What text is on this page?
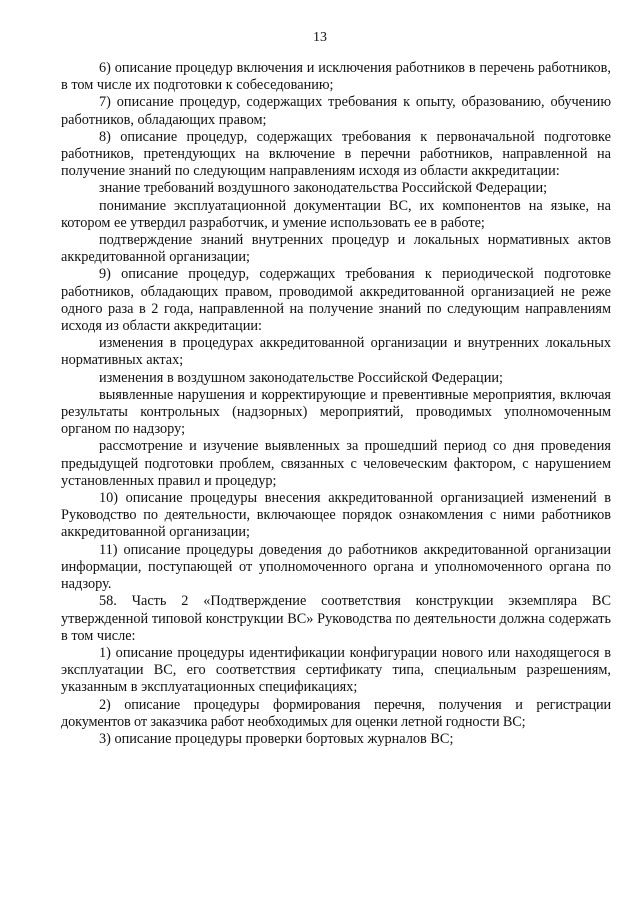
13

6) описание процедур включения и исключения работников в перечень работников, в том числе их подготовки к собеседованию;

7) описание процедур, содержащих требования к опыту, образованию, обучению работников, обладающих правом;

8) описание процедур, содержащих требования к первоначальной подготовке работников, претендующих на включение в перечни работников, направленной на получение знаний по следующим направлениям исходя из области аккредитации:

знание требований воздушного законодательства Российской Федерации;

понимание эксплуатационной документации ВС, их компонентов на языке, на котором ее утвердил разработчик, и умение использовать ее в работе;

подтверждение знаний внутренних процедур и локальных нормативных актов аккредитованной организации;

9) описание процедур, содержащих требования к периодической подготовке работников, обладающих правом, проводимой аккредитованной организацией не реже одного раза в 2 года, направленной на получение знаний по следующим направлениям исходя из области аккредитации:

изменения в процедурах аккредитованной организации и внутренних локальных нормативных актах;

изменения в воздушном законодательстве Российской Федерации;

выявленные нарушения и корректирующие и превентивные мероприятия, включая результаты контрольных (надзорных) мероприятий, проводимых уполномоченным органом по надзору;

рассмотрение и изучение выявленных за прошедший период со дня проведения предыдущей подготовки проблем, связанных с человеческим фактором, с нарушением установленных правил и процедур;

10) описание процедуры внесения аккредитованной организацией изменений в Руководство по деятельности, включающее порядок ознакомления с ними работников аккредитованной организации;

11) описание процедуры доведения до работников аккредитованной организации информации, поступающей от уполномоченного органа и уполномоченного органа по надзору.

58. Часть 2 «Подтверждение соответствия конструкции экземпляра ВС утвержденной типовой конструкции ВС» Руководства по деятельности должна содержать в том числе:

1) описание процедуры идентификации конфигурации нового или находящегося в эксплуатации ВС, его соответствия сертификату типа, специальным разрешениям, указанным в эксплуатационных спецификациях;

2) описание процедуры формирования перечня, получения и регистрации документов от заказчика работ необходимых для оценки летной годности ВС;

3) описание процедуры проверки бортовых журналов ВС;
